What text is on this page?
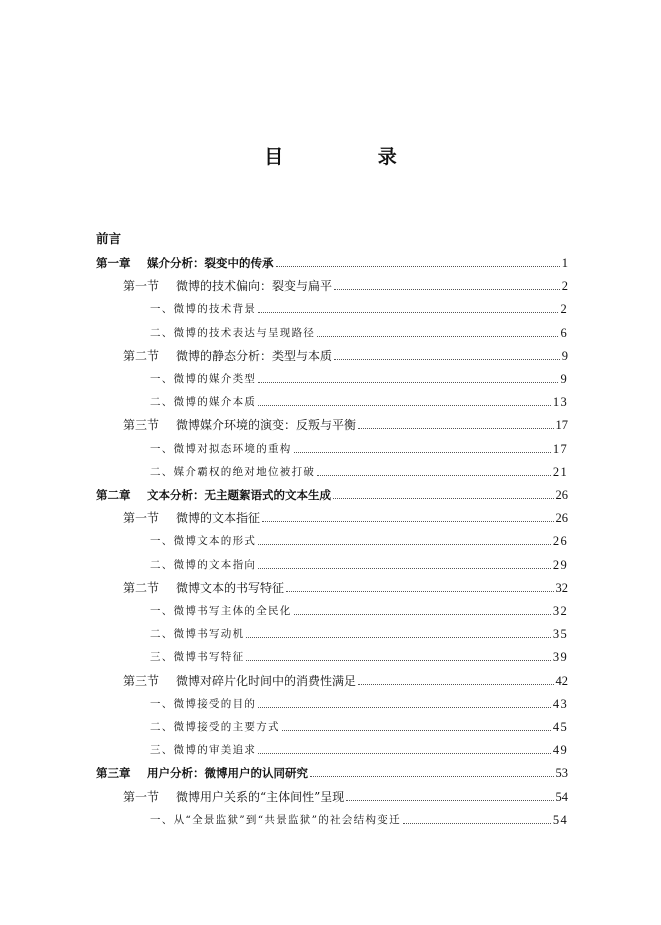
目 录
前言
第一章 媒介分析：裂变中的传承	1
第一节 微博的技术偏向：裂变与扁平	2
一、微博的技术背景	2
二、微博的技术表达与呈现路径	6
第二节 微博的静态分析：类型与本质	9
一、微博的媒介类型	9
二、微博的媒介本质	13
第三节 微博媒介环境的演变：反叛与平衡	17
一、微博对拟态环境的重构	17
二、媒介霸权的绝对地位被打破	21
第二章 文本分析：无主题絮语式的文本生成	26
第一节 微博的文本指征	26
一、微博文本的形式	26
二、微博的文本指向	29
第二节 微博文本的书写特征	32
一、微博书写主体的全民化	32
二、微博书写动机	35
三、微博书写特征	39
第三节 微博对碎片化时间中的消费性满足	42
一、微博接受的目的	43
二、微博接受的主要方式	45
三、微博的审美追求	49
第三章 用户分析：微博用户的认同研究	53
第一节 微博用户关系的“主体间性”呈现	54
一、从“全景监狱”到“共景监狱”的社会结构变迁	54
